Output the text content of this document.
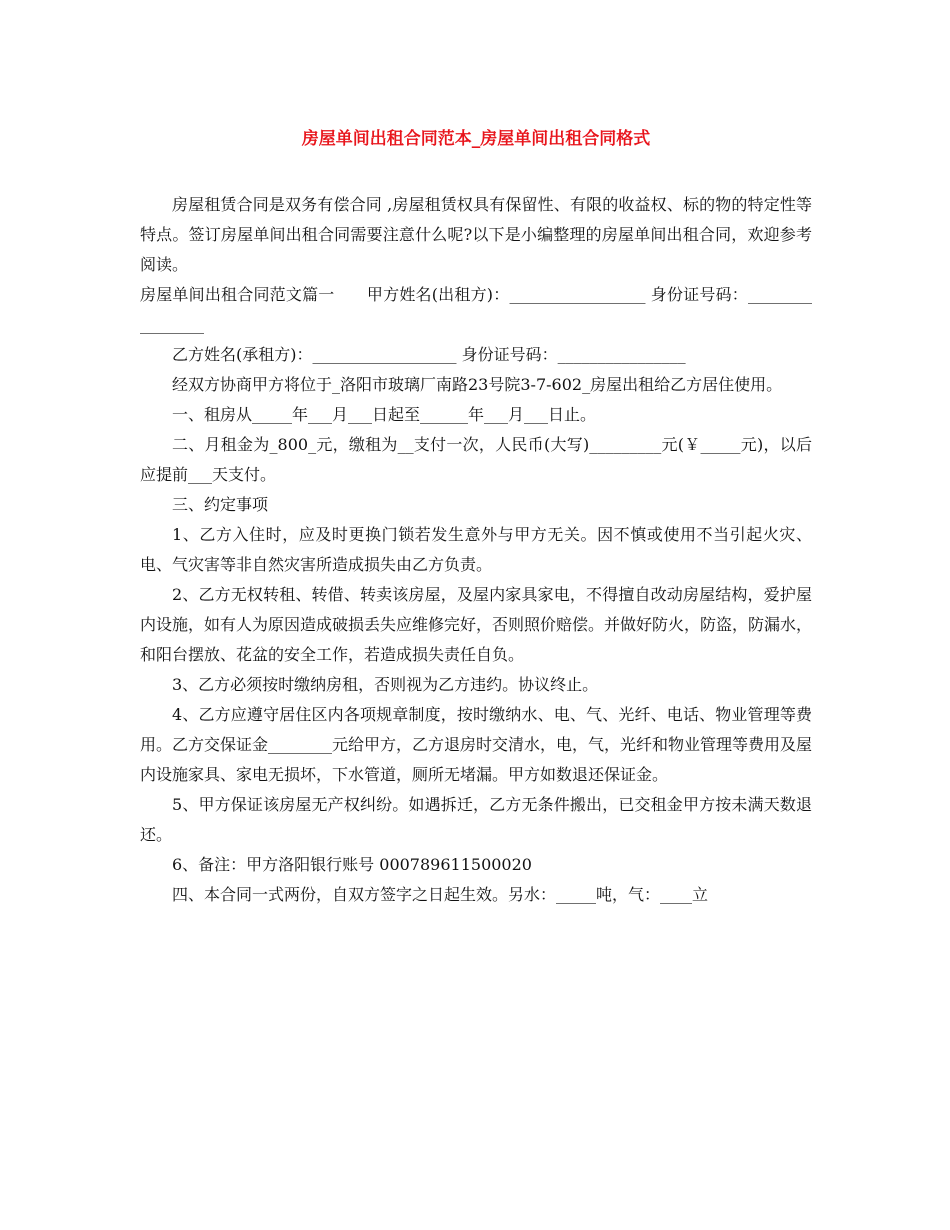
房屋单间出租合同范本_房屋单间出租合同格式

房屋租赁合同是双务有偿合同 ,房屋租赁权具有保留性、有限的收益权、标的物的特定性等特点。签订房屋单间出租合同需要注意什么呢?以下是小编整理的房屋单间出租合同，欢迎参考阅读。

房屋单间出租合同范文篇一　　甲方姓名(出租方)：_________________ 身份证号码：________________

乙方姓名(承租方)：__________________ 身份证号码：________________

经双方协商甲方将位于_洛阳市玻璃厂南路23号院3-7-602_房屋出租给乙方居住使用。

一、租房从_____年___月___日起至______年___月___日止。

二、月租金为_800_元，缴租为__支付一次，人民币(大写)_________元(￥_____元)，以后应提前___天支付。

三、约定事项

1、乙方入住时，应及时更换门锁若发生意外与甲方无关。因不慎或使用不当引起火灾、电、气灾害等非自然灾害所造成损失由乙方负责。

2、乙方无权转租、转借、转卖该房屋，及屋内家具家电，不得擅自改动房屋结构，爱护屋内设施，如有人为原因造成破损丢失应维修完好，否则照价赔偿。并做好防火，防盗，防漏水，和阳台摆放、花盆的安全工作，若造成损失责任自负。

3、乙方必须按时缴纳房租，否则视为乙方违约。协议终止。

4、乙方应遵守居住区内各项规章制度，按时缴纳水、电、气、光纤、电话、物业管理等费用。乙方交保证金________元给甲方，乙方退房时交清水，电，气，光纤和物业管理等费用及屋内设施家具、家电无损坏，下水管道，厕所无堵漏。甲方如数退还保证金。

5、甲方保证该房屋无产权纠纷。如遇拆迁，乙方无条件搬出，已交租金甲方按未满天数退还。

6、备注：甲方洛阳银行账号 000789611500020

四、本合同一式两份，自双方签字之日起生效。另水：_____吨，气：____立
